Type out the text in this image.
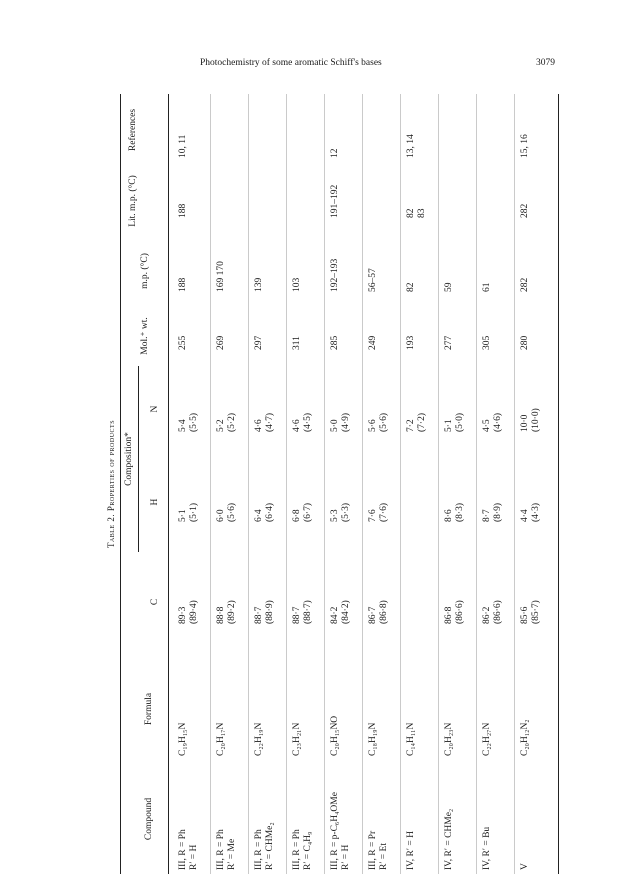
Photochemistry of some aromatic Schiff's bases	3079
Table 2. Properties of products
Compound
Formula
Composition*
C
H
N
Mol.⁺ wt.
m.p. (°C)
Lit. m.p. (°C)
References
III, R = Ph R′ = H
C₁₉H₁₅N
89·3 (89·4)
5·1 (5·1)
5·4 (5·5)
255
188
188
10, 11
III, R = Ph R′ = Me
C₂₀H₁₇N
88·8 (89·2)
6·0 (5·6)
5·2 (5·2)
269
169 170
III, R = Ph R′ = CHMe₂
C₂₂H₁₉N
88·7 (88·9)
6·4 (6·4)
4·6 (4·7)
297
139
III, R = Ph R′ = C₄H₉
C₂₃H₂₁N
88·7 (88·7)
6·8 (6·7)
4·6 (4·5)
311
103
III, R = p-C₆H₄OMe R′ = H
C₂₀H₁₅NO
84·2 (84·2)
5·3 (5·3)
5·0 (4·9)
285
192–193
191–192
12
III, R = Pr R′ = Et
C₁₈H₁₉N
86·7 (86·8)
7·6 (7·6)
5·6 (5·6)
249
56–57
IV, R′ = H
C₁₄H₁₁N
7·2 (7·2)
193
82
82 83
13, 14
IV, R′ = CHMe₂
C₂₀H₂₃N
86·8 (86·6)
8·6 (8·3)
5·1 (5·0)
277
59
IV, R′ = Bu
C₂₂H₂₇N
86·2 (86·6)
8·7 (8·9)
4·5 (4·6)
305
61
V
C₂₀H₁₂N₂
85·6 (85·7)
4·4 (4·3)
10·0 (10·0)
280
282
282
15, 16
